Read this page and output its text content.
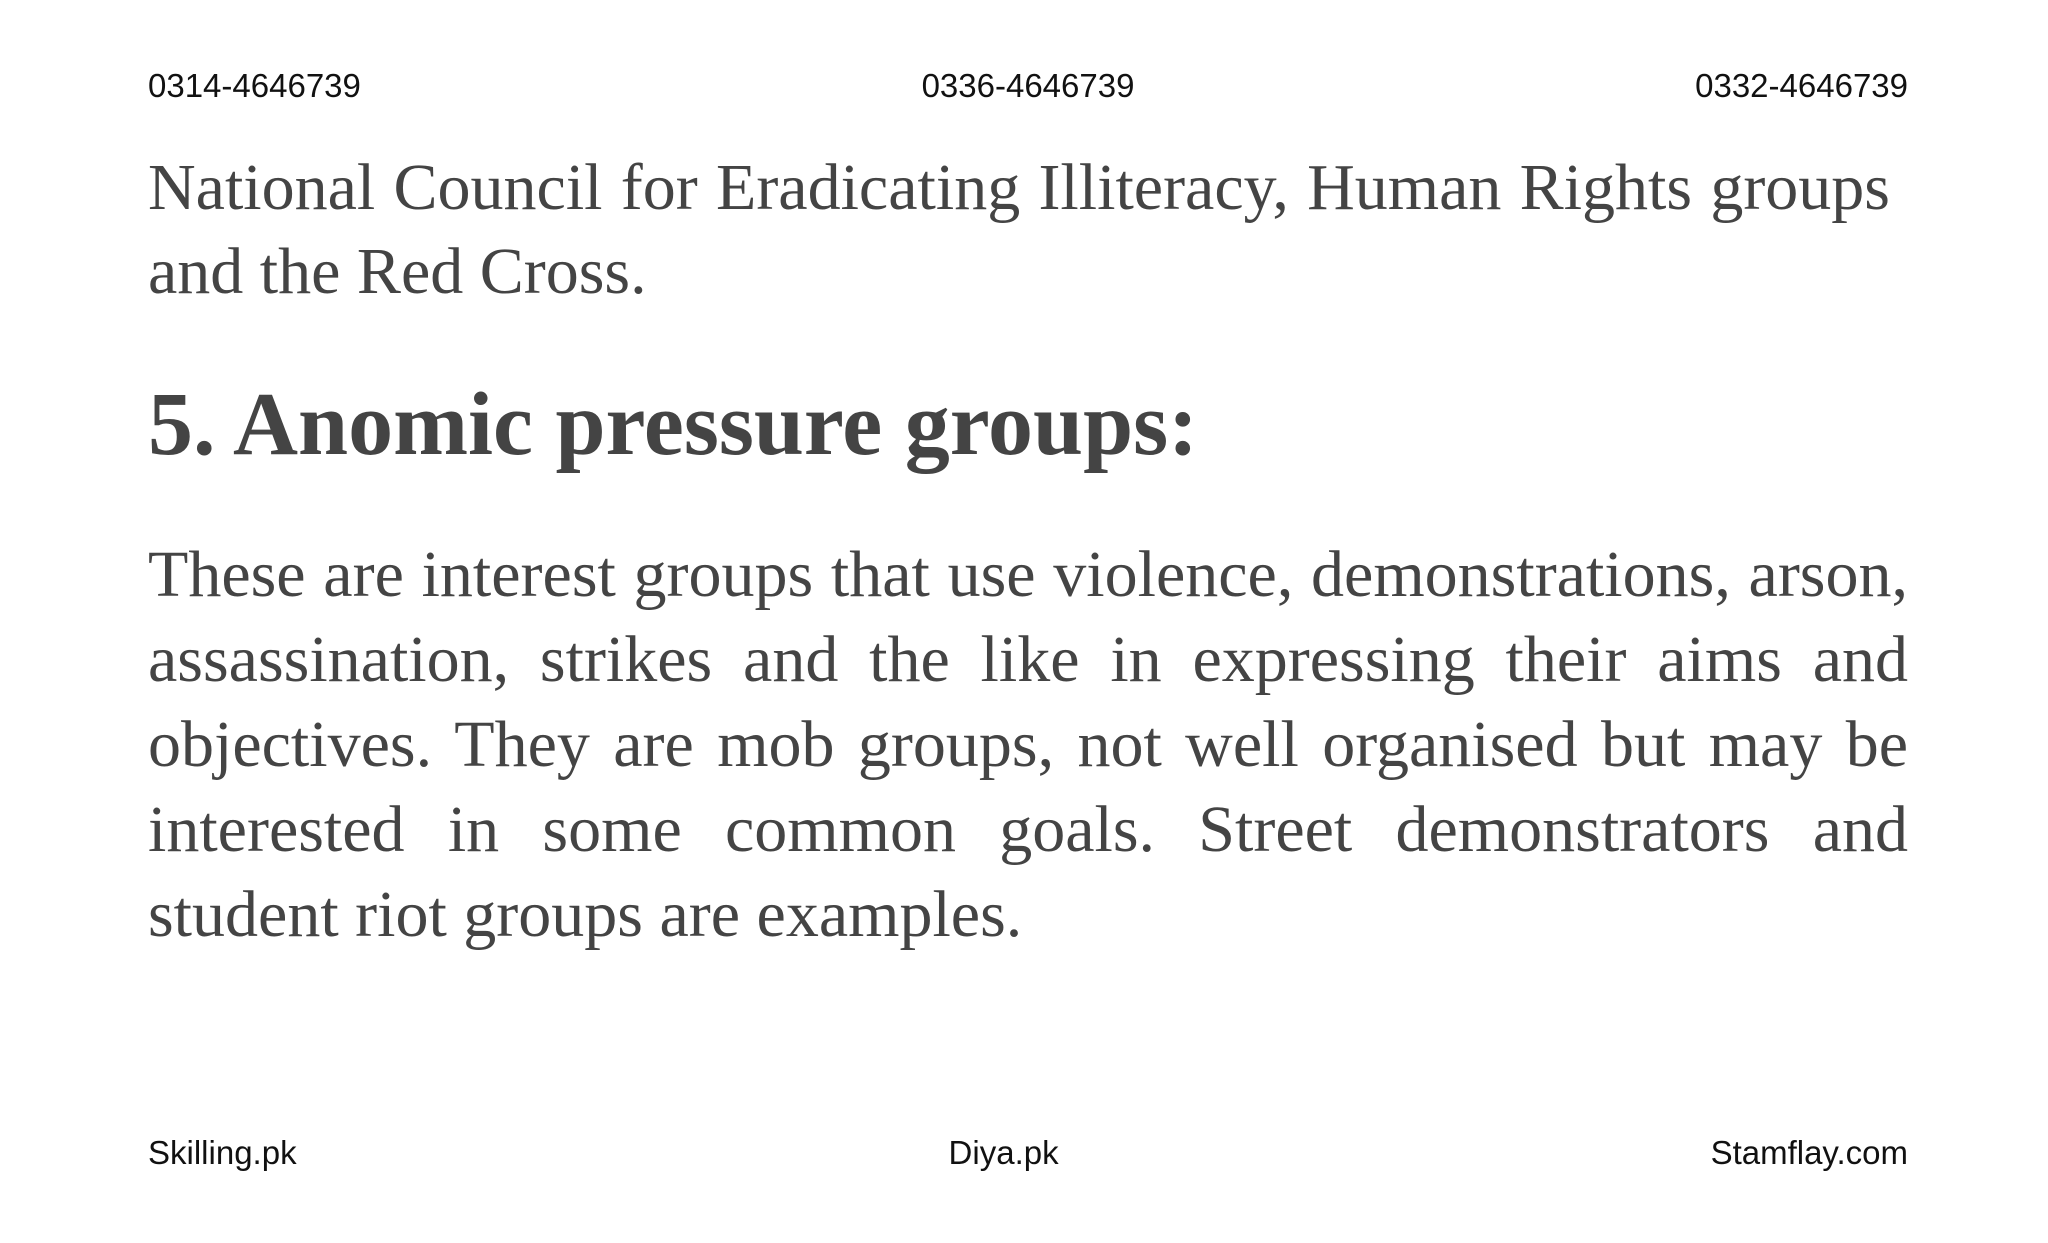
0314-4646739	0336-4646739	0332-4646739

National Council for Eradicating Illiteracy, Human Rights groups and the Red Cross.

5. Anomic pressure groups:

These are interest groups that use violence, demonstrations, arson, assassination, strikes and the like in expressing their aims and objectives. They are mob groups, not well organised but may be interested in some common goals. Street demonstrators and student riot groups are examples.

Skilling.pk	Diya.pk	Stamflay.com
